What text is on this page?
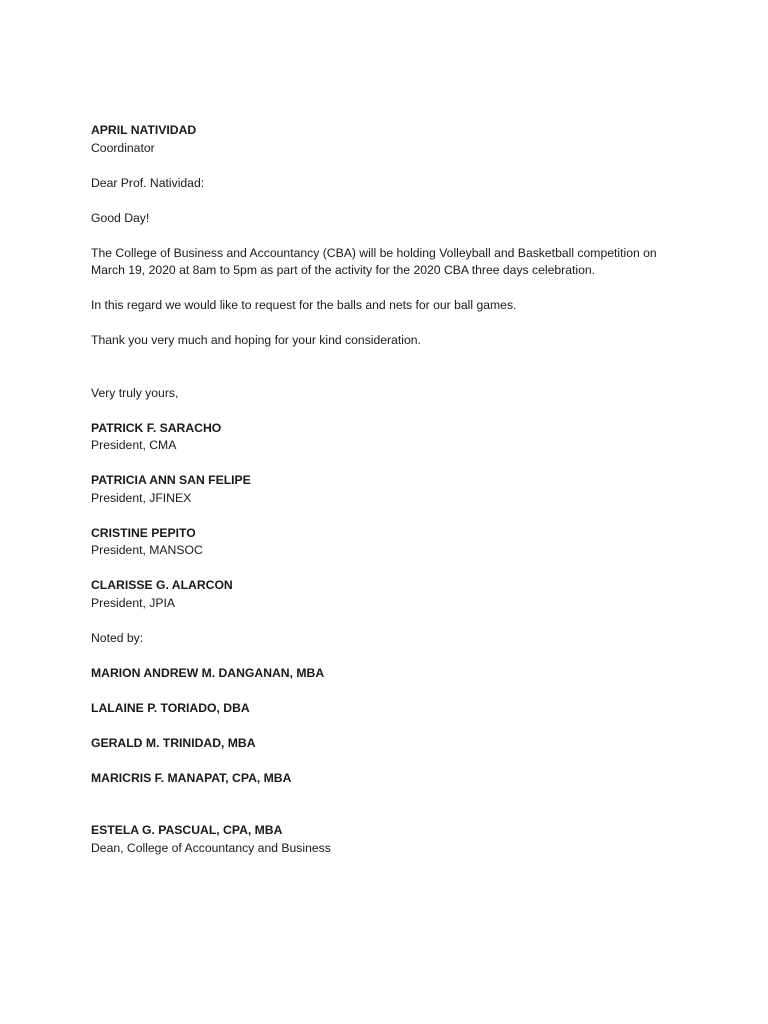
APRIL NATIVIDAD
Coordinator
Dear Prof. Natividad:
Good Day!
The College of Business and Accountancy (CBA) will be holding Volleyball and Basketball competition on
March 19, 2020 at 8am to 5pm as part of the activity for the 2020 CBA three days celebration.
In this regard we would like to request for the balls and nets for our ball games.
Thank you very much and hoping for your kind consideration.
Very truly yours,
PATRICK F. SARACHO
President, CMA
PATRICIA ANN SAN FELIPE
President, JFINEX
CRISTINE PEPITO
President, MANSOC
CLARISSE G. ALARCON
President, JPIA
Noted by:
MARION ANDREW M. DANGANAN, MBA
LALAINE P. TORIADO, DBA
GERALD M. TRINIDAD, MBA
MARICRIS F. MANAPAT, CPA, MBA
ESTELA G. PASCUAL, CPA, MBA
Dean, College of Accountancy and Business
